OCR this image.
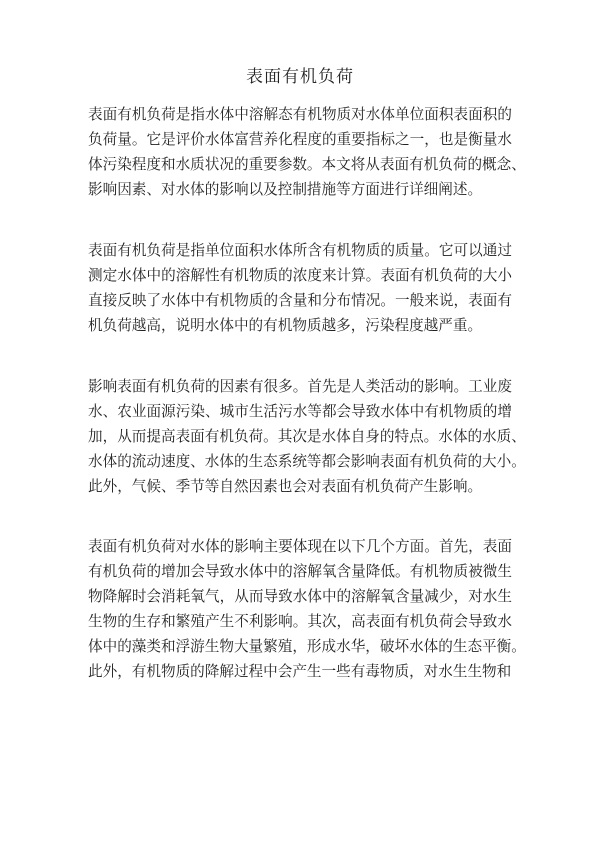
表面有机负荷
表面有机负荷是指水体中溶解态有机物质对水体单位面积表面积的
负荷量。它是评价水体富营养化程度的重要指标之一，也是衡量水
体污染程度和水质状况的重要参数。本文将从表面有机负荷的概念、
影响因素、对水体的影响以及控制措施等方面进行详细阐述。
表面有机负荷是指单位面积水体所含有机物质的质量。它可以通过
测定水体中的溶解性有机物质的浓度来计算。表面有机负荷的大小
直接反映了水体中有机物质的含量和分布情况。一般来说，表面有
机负荷越高，说明水体中的有机物质越多，污染程度越严重。
影响表面有机负荷的因素有很多。首先是人类活动的影响。工业废
水、农业面源污染、城市生活污水等都会导致水体中有机物质的增
加，从而提高表面有机负荷。其次是水体自身的特点。水体的水质、
水体的流动速度、水体的生态系统等都会影响表面有机负荷的大小。
此外，气候、季节等自然因素也会对表面有机负荷产生影响。
表面有机负荷对水体的影响主要体现在以下几个方面。首先，表面
有机负荷的增加会导致水体中的溶解氧含量降低。有机物质被微生
物降解时会消耗氧气，从而导致水体中的溶解氧含量减少，对水生
生物的生存和繁殖产生不利影响。其次，高表面有机负荷会导致水
体中的藻类和浮游生物大量繁殖，形成水华，破坏水体的生态平衡。
此外，有机物质的降解过程中会产生一些有毒物质，对水生生物和
